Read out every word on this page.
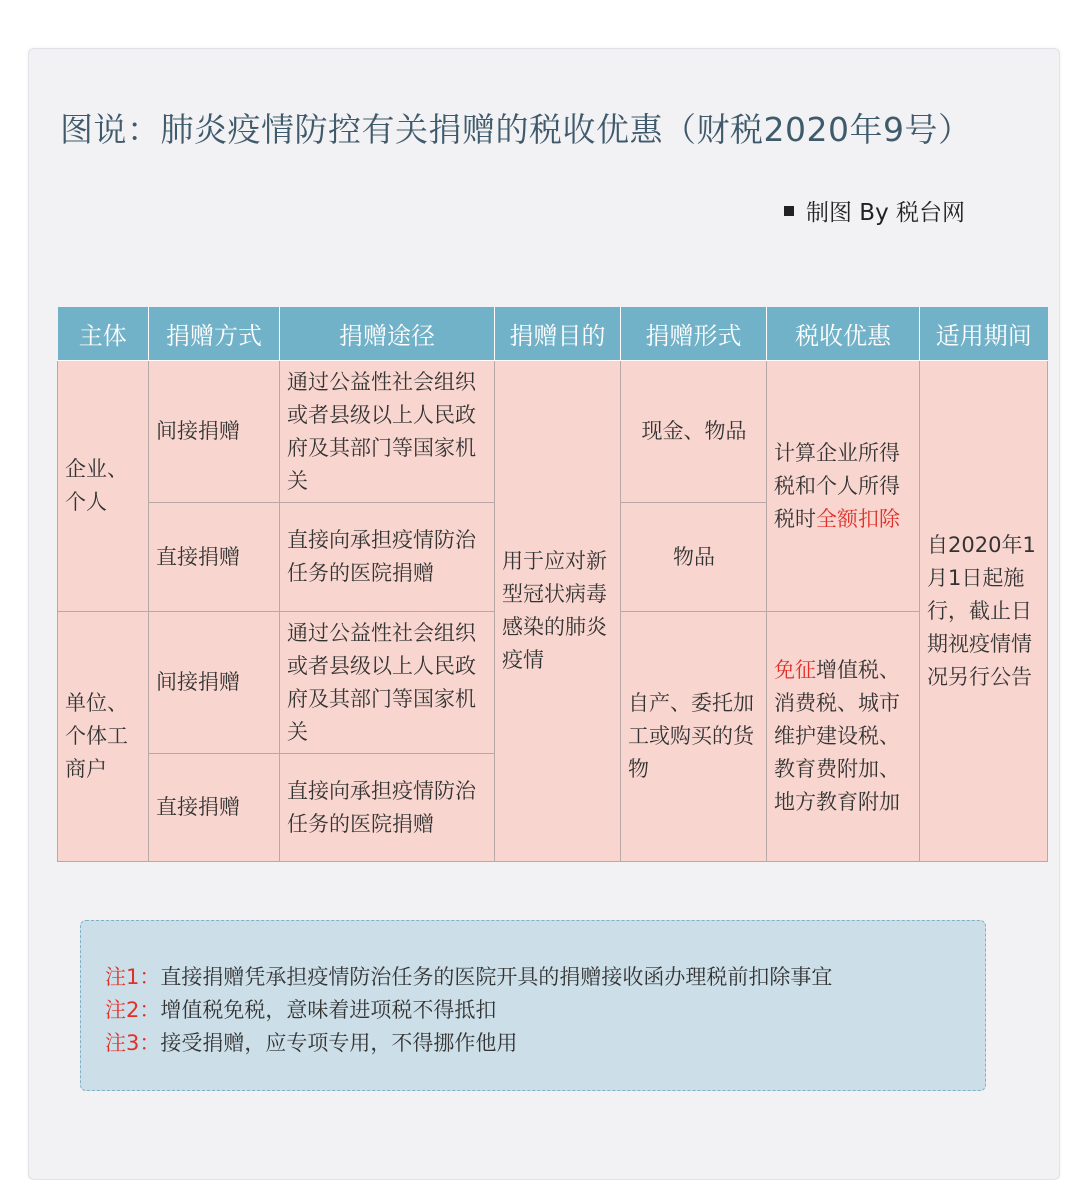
图说：肺炎疫情防控有关捐赠的税收优惠（财税2020年9号）
制图 By 税台网
主体	捐赠方式	捐赠途径	捐赠目的	捐赠形式	税收优惠	适用期间
企业、个人	间接捐赠	通过公益性社会组织或者县级以上人民政府及其部门等国家机关	用于应对新型冠状病毒感染的肺炎疫情	现金、物品	计算企业所得税和个人所得税时全额扣除	自2020年1月1日起施行，截止日期视疫情情况另行公告
	直接捐赠	直接向承担疫情防治任务的医院捐赠		物品		
单位、个体工商户	间接捐赠	通过公益性社会组织或者县级以上人民政府及其部门等国家机关		自产、委托加工或购买的货物	免征增值税、消费税、城市维护建设税、教育费附加、地方教育附加	
	直接捐赠	直接向承担疫情防治任务的医院捐赠				
注1：直接捐赠凭承担疫情防治任务的医院开具的捐赠接收函办理税前扣除事宜
注2：增值税免税，意味着进项税不得抵扣
注3：接受捐赠，应专项专用，不得挪作他用
